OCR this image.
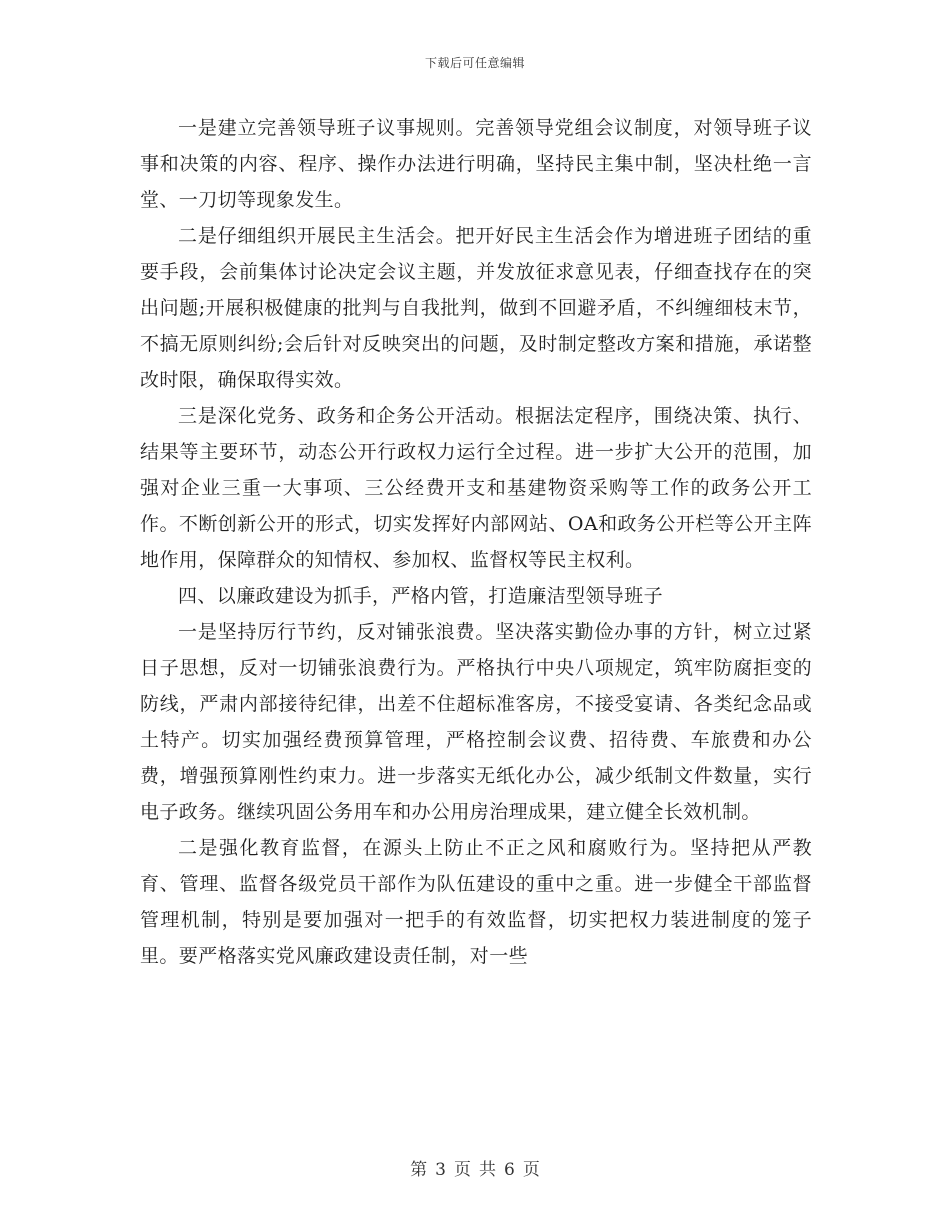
下载后可任意编辑

一是建立完善领导班子议事规则。完善领导党组会议制度，对领导班子议事和决策的内容、程序、操作办法进行明确，坚持民主集中制，坚决杜绝一言堂、一刀切等现象发生。

二是仔细组织开展民主生活会。把开好民主生活会作为增进班子团结的重要手段，会前集体讨论决定会议主题，并发放征求意见表，仔细查找存在的突出问题;开展积极健康的批判与自我批判，做到不回避矛盾，不纠缠细枝末节，不搞无原则纠纷;会后针对反映突出的问题，及时制定整改方案和措施，承诺整改时限，确保取得实效。

三是深化党务、政务和企务公开活动。根据法定程序，围绕决策、执行、结果等主要环节，动态公开行政权力运行全过程。进一步扩大公开的范围，加强对企业三重一大事项、三公经费开支和基建物资采购等工作的政务公开工作。不断创新公开的形式，切实发挥好内部网站、OA和政务公开栏等公开主阵地作用，保障群众的知情权、参加权、监督权等民主权利。

四、以廉政建设为抓手，严格内管，打造廉洁型领导班子

一是坚持厉行节约，反对铺张浪费。坚决落实勤俭办事的方针，树立过紧日子思想，反对一切铺张浪费行为。严格执行中央八项规定，筑牢防腐拒变的防线，严肃内部接待纪律，出差不住超标准客房，不接受宴请、各类纪念品或土特产。切实加强经费预算管理，严格控制会议费、招待费、车旅费和办公费，增强预算刚性约束力。进一步落实无纸化办公，减少纸制文件数量，实行电子政务。继续巩固公务用车和办公用房治理成果，建立健全长效机制。

二是强化教育监督，在源头上防止不正之风和腐败行为。坚持把从严教育、管理、监督各级党员干部作为队伍建设的重中之重。进一步健全干部监督管理机制，特别是要加强对一把手的有效监督，切实把权力装进制度的笼子里。要严格落实党风廉政建设责任制，对一些

第 3 页 共 6 页
